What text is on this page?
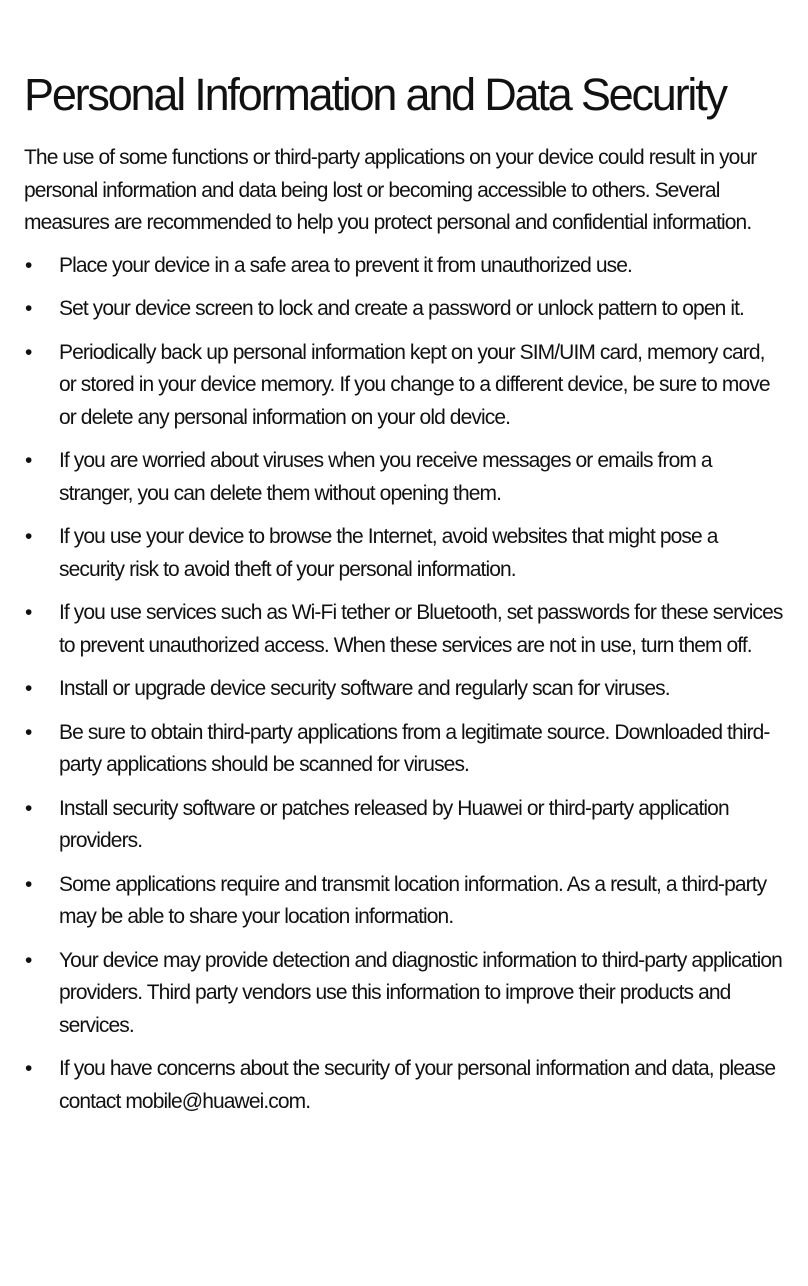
Personal Information and Data Security

The use of some functions or third-party applications on your device could result in your personal information and data being lost or becoming accessible to others. Several measures are recommended to help you protect personal and confidential information.

•	Place your device in a safe area to prevent it from unauthorized use.
•	Set your device screen to lock and create a password or unlock pattern to open it.
•	Periodically back up personal information kept on your SIM/UIM card, memory card, or stored in your device memory. If you change to a different device, be sure to move or delete any personal information on your old device.
•	If you are worried about viruses when you receive messages or emails from a stranger, you can delete them without opening them.
•	If you use your device to browse the Internet, avoid websites that might pose a security risk to avoid theft of your personal information.
•	If you use services such as Wi-Fi tether or Bluetooth, set passwords for these services to prevent unauthorized access. When these services are not in use, turn them off.
•	Install or upgrade device security software and regularly scan for viruses.
•	Be sure to obtain third-party applications from a legitimate source. Downloaded third-party applications should be scanned for viruses.
•	Install security software or patches released by Huawei or third-party application providers.
•	Some applications require and transmit location information. As a result, a third-party may be able to share your location information.
•	Your device may provide detection and diagnostic information to third-party application providers. Third party vendors use this information to improve their products and services.
•	If you have concerns about the security of your personal information and data, please contact mobile@huawei.com.
